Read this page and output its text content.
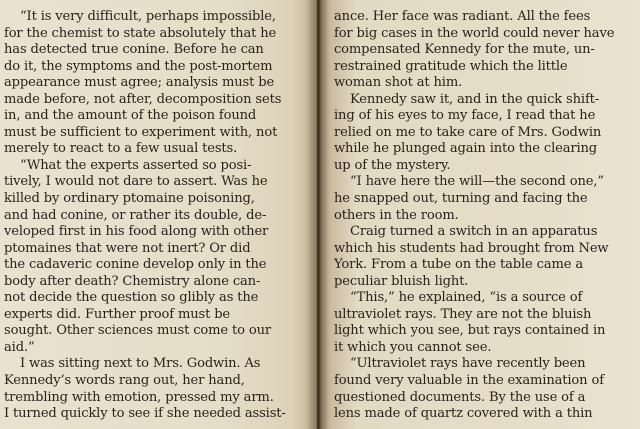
“It is very difficult, perhaps impossible,
for the chemist to state absolutely that he
has detected true conine. Before he can
do it, the symptoms and the post-mortem
appearance must agree; analysis must be
made before, not after, decomposition sets
in, and the amount of the poison found
must be sufficient to experiment with, not
merely to react to a few usual tests.
“What the experts asserted so posi-
tively, I would not dare to assert. Was he
killed by ordinary ptomaine poisoning,
and had conine, or rather its double, de-
veloped first in his food along with other
ptomaines that were not inert? Or did
the cadaveric conine develop only in the
body after death? Chemistry alone can-
not decide the question so glibly as the
experts did. Further proof must be
sought. Other sciences must come to our
aid.”
I was sitting next to Mrs. Godwin. As
Kennedy’s words rang out, her hand,
trembling with emotion, pressed my arm.
I turned quickly to see if she needed assist-
ance. Her face was radiant. All the fees
for big cases in the world could never have
compensated Kennedy for the mute, un-
restrained gratitude which the little
woman shot at him.
Kennedy saw it, and in the quick shift-
ing of his eyes to my face, I read that he
relied on me to take care of Mrs. Godwin
while he plunged again into the clearing
up of the mystery.
“I have here the will—the second one,”
he snapped out, turning and facing the
others in the room.
Craig turned a switch in an apparatus
which his students had brought from New
York. From a tube on the table came a
peculiar bluish light.
“This,” he explained, “is a source of
ultraviolet rays. They are not the bluish
light which you see, but rays contained in
it which you cannot see.
“Ultraviolet rays have recently been
found very valuable in the examination of
questioned documents. By the use of a
lens made of quartz covered with a thin
